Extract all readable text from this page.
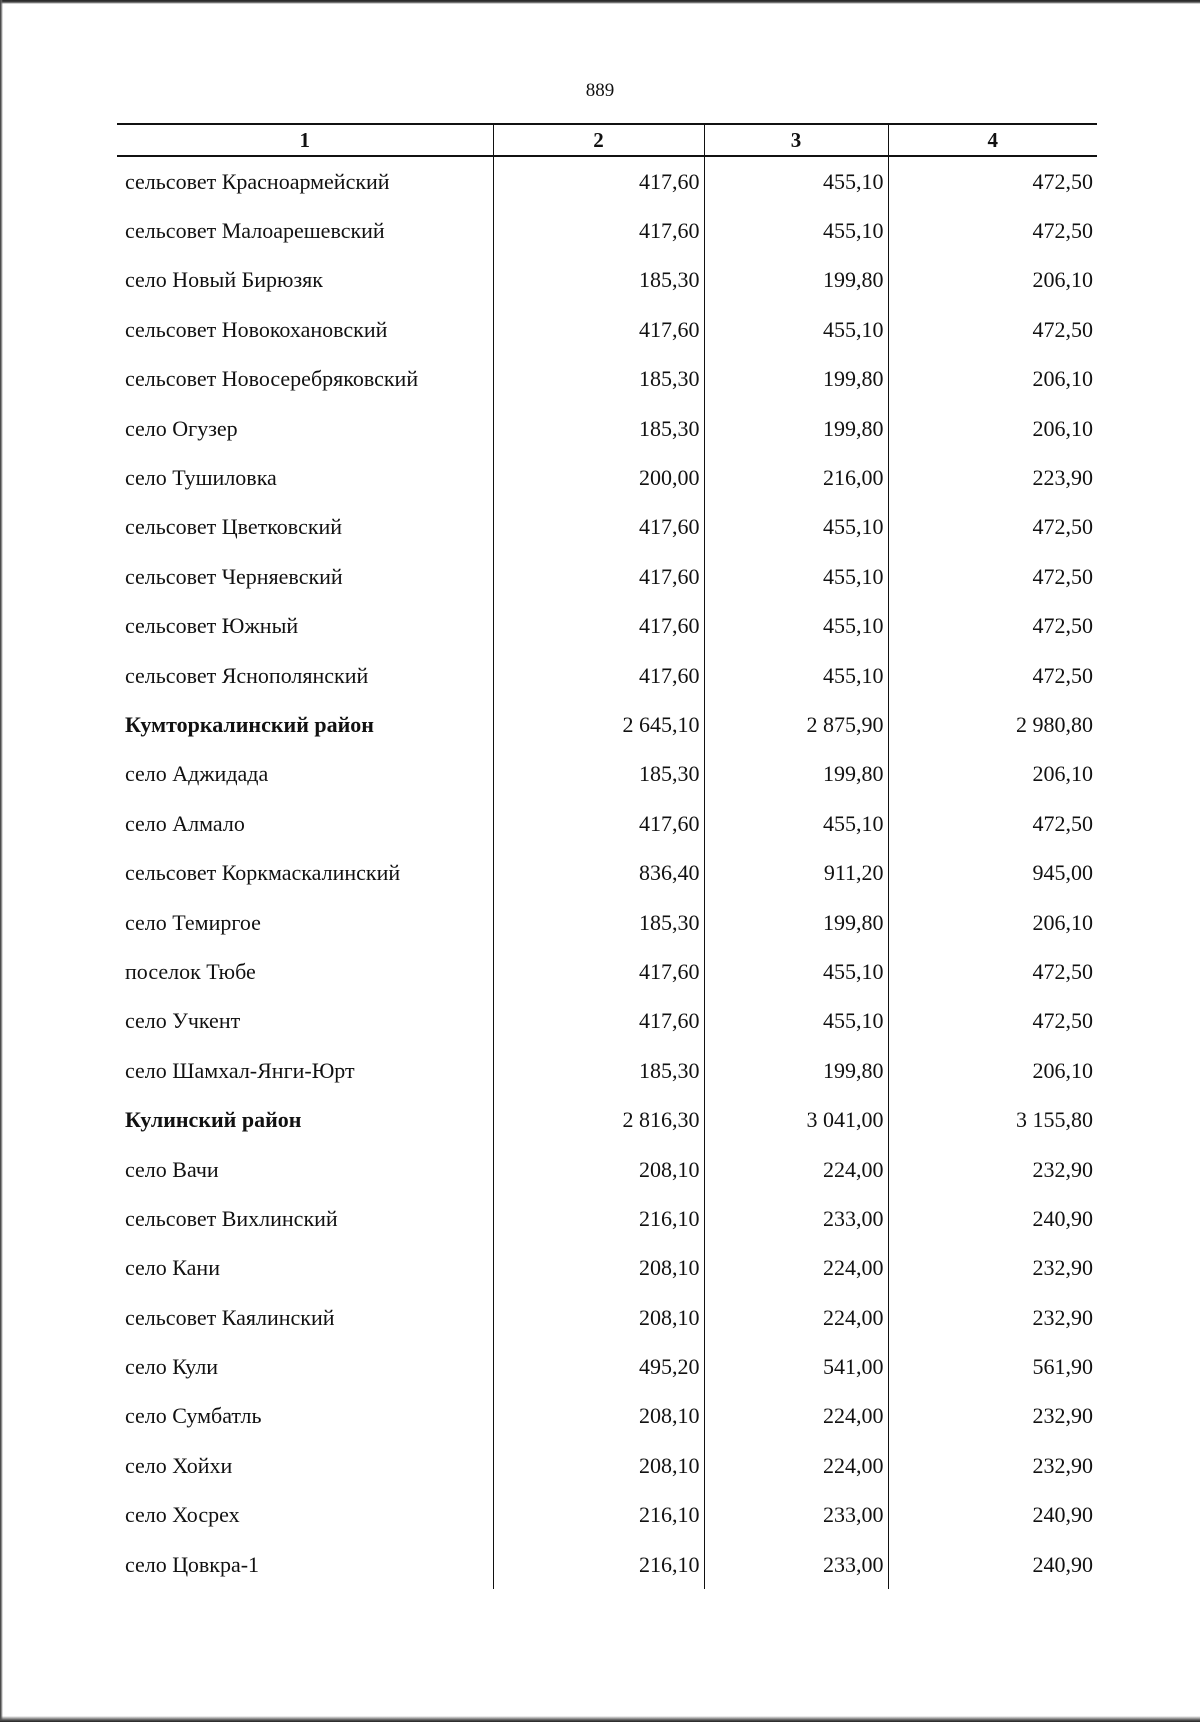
889
1	2	3	4
сельсовет Красноармейский	417,60	455,10	472,50
сельсовет Малоарешевский	417,60	455,10	472,50
село Новый Бирюзяк	185,30	199,80	206,10
сельсовет Новокохановский	417,60	455,10	472,50
сельсовет Новосеребряковский	185,30	199,80	206,10
село Огузер	185,30	199,80	206,10
село Тушиловка	200,00	216,00	223,90
сельсовет Цветковский	417,60	455,10	472,50
сельсовет Черняевский	417,60	455,10	472,50
сельсовет Южный	417,60	455,10	472,50
сельсовет Яснополянский	417,60	455,10	472,50
Кумторкалинский район	2 645,10	2 875,90	2 980,80
село Аджидада	185,30	199,80	206,10
село Алмало	417,60	455,10	472,50
сельсовет Коркмаскалинский	836,40	911,20	945,00
село Темиргое	185,30	199,80	206,10
поселок Тюбе	417,60	455,10	472,50
село Учкент	417,60	455,10	472,50
село Шамхал-Янги-Юрт	185,30	199,80	206,10
Кулинский район	2 816,30	3 041,00	3 155,80
село Вачи	208,10	224,00	232,90
сельсовет Вихлинский	216,10	233,00	240,90
село Кани	208,10	224,00	232,90
сельсовет Каялинский	208,10	224,00	232,90
село Кули	495,20	541,00	561,90
село Сумбатль	208,10	224,00	232,90
село Хойхи	208,10	224,00	232,90
село Хосрех	216,10	233,00	240,90
село Цовкра-1	216,10	233,00	240,90
